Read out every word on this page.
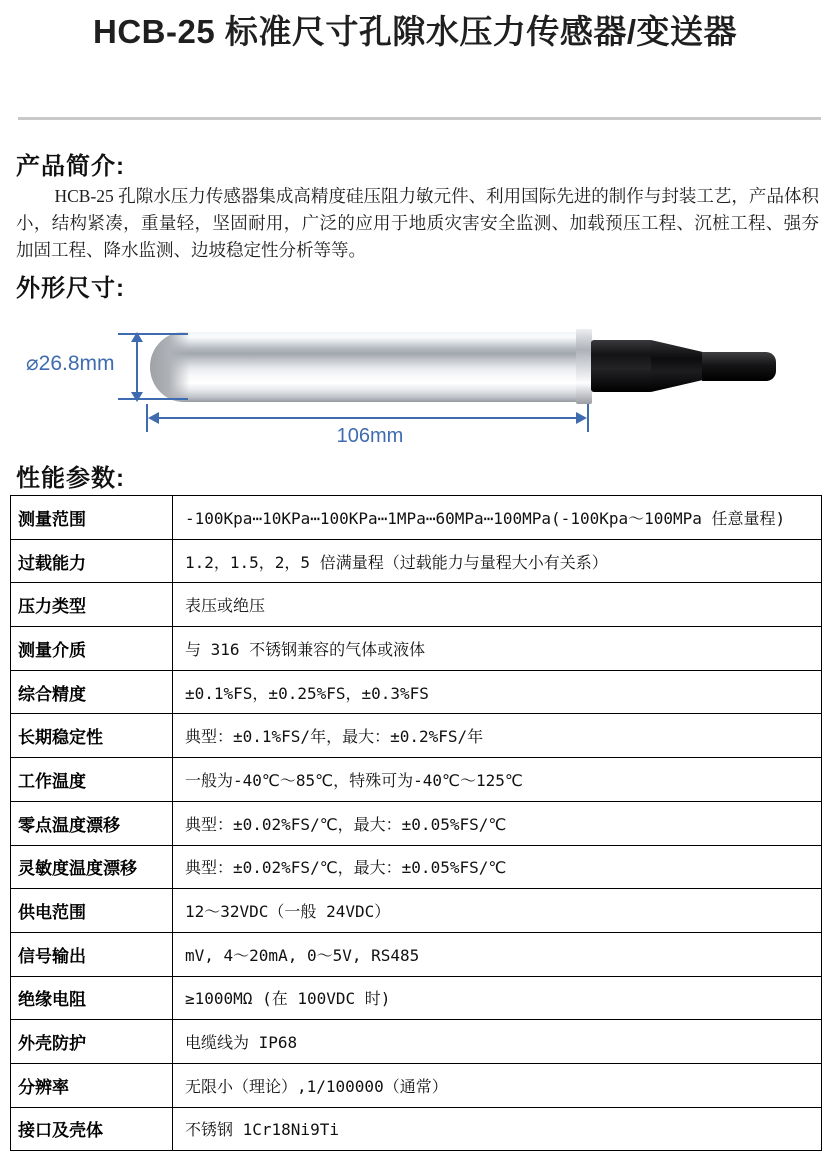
HCB-25 标准尺寸孔隙水压力传感器/变送器
产品简介:
HCB-25 孔隙水压力传感器集成高精度硅压阻力敏元件、利用国际先进的制作与封装工艺，产品体积小，结构紧凑，重量轻，坚固耐用，广泛的应用于地质灾害安全监测、加载预压工程、沉桩工程、强夯加固工程、降水监测、边坡稳定性分析等等。
外形尺寸:
⌀26.8mm
106mm
性能参数:
测量范围	-100Kpa⋯10KPa⋯100KPa⋯1MPa⋯60MPa⋯100MPa(-100Kpa～100MPa 任意量程)
过载能力	1.2，1.5，2，5 倍满量程（过载能力与量程大小有关系）
压力类型	表压或绝压
测量介质	与 316 不锈钢兼容的气体或液体
综合精度	±0.1%FS，±0.25%FS，±0.3%FS
长期稳定性	典型：±0.1%FS/年，最大：±0.2%FS/年
工作温度	一般为-40℃～85℃，特殊可为-40℃～125℃
零点温度漂移	典型：±0.02%FS/℃，最大：±0.05%FS/℃
灵敏度温度漂移	典型：±0.02%FS/℃，最大：±0.05%FS/℃
供电范围	12～32VDC（一般 24VDC）
信号输出	mV, 4～20mA, 0～5V, RS485
绝缘电阻	≥1000MΩ (在 100VDC 时)
外壳防护	电缆线为 IP68
分辨率	无限小（理论）,1/100000（通常）
接口及壳体	不锈钢 1Cr18Ni9Ti
